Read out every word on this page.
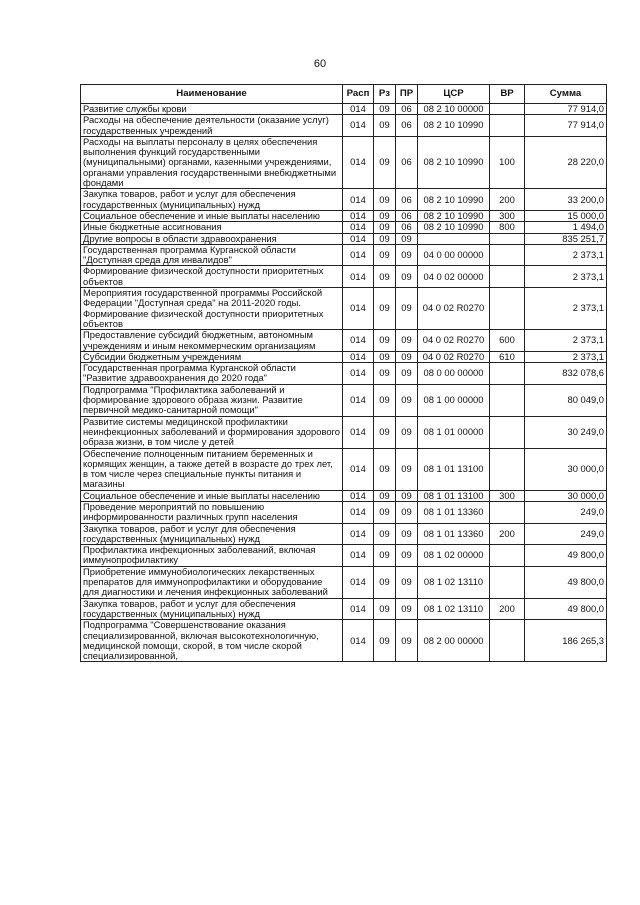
60
Наименование	Расп	Рз	ПР	ЦСР	ВР	Сумма
Развитие службы крови	014	09	06	08 2 10 00000		77 914,0
Расходы на обеспечение деятельности (оказание услуг) государственных учреждений	014	09	06	08 2 10 10990		77 914,0
Расходы на выплаты персоналу в целях обеспечения выполнения функций государственными (муниципальными) органами, казенными учреждениями, органами управления государственными внебюджетными фондами	014	09	06	08 2 10 10990	100	28 220,0
Закупка товаров, работ и услуг для обеспечения государственных (муниципальных) нужд	014	09	06	08 2 10 10990	200	33 200,0
Социальное обеспечение и иные выплаты населению	014	09	06	08 2 10 10990	300	15 000,0
Иные бюджетные ассигнования	014	09	06	08 2 10 10990	800	1 494,0
Другие вопросы в области здравоохранения	014	09	09			835 251,7
Государственная программа Курганской области "Доступная среда для инвалидов"	014	09	09	04 0 00 00000		2 373,1
Формирование физической доступности приоритетных объектов	014	09	09	04 0 02 00000		2 373,1
Мероприятия государственной программы Российской Федерации "Доступная среда" на 2011-2020 годы. Формирование физической доступности приоритетных объектов	014	09	09	04 0 02 R0270		2 373,1
Предоставление субсидий бюджетным, автономным учреждениям и иным некоммерческим организациям	014	09	09	04 0 02 R0270	600	2 373,1
Субсидии бюджетным учреждениям	014	09	09	04 0 02 R0270	610	2 373,1
Государственная программа Курганской области "Развитие здравоохранения до 2020 года"	014	09	09	08 0 00 00000		832 078,6
Подпрограмма "Профилактика заболеваний и формирование здорового образа жизни. Развитие первичной медико-санитарной помощи"	014	09	09	08 1 00 00000		80 049,0
Развитие системы медицинской профилактики неинфекционных заболеваний и формирования здорового образа жизни, в том числе у детей	014	09	09	08 1 01 00000		30 249,0
Обеспечение полноценным питанием беременных и кормящих женщин, а также детей в возрасте до трех лет, в том числе через специальные пункты питания и магазины	014	09	09	08 1 01 13100		30 000,0
Социальное обеспечение и иные выплаты населению	014	09	09	08 1 01 13100	300	30 000,0
Проведение мероприятий по повышению информированности различных групп населения	014	09	09	08 1 01 13360		249,0
Закупка товаров, работ и услуг для обеспечения государственных (муниципальных) нужд	014	09	09	08 1 01 13360	200	249,0
Профилактика инфекционных заболеваний, включая иммунопрофилактику	014	09	09	08 1 02 00000		49 800,0
Приобретение иммунобиологических лекарственных препаратов для иммунопрофилактики и оборудование для диагностики и лечения инфекционных заболеваний	014	09	09	08 1 02 13110		49 800,0
Закупка товаров, работ и услуг для обеспечения государственных (муниципальных) нужд	014	09	09	08 1 02 13110	200	49 800,0
Подпрограмма "Совершенствование оказания специализированной, включая высокотехнологичную, медицинской помощи, скорой, в том числе скорой специализированной,	014	09	09	08 2 00 00000		186 265,3
